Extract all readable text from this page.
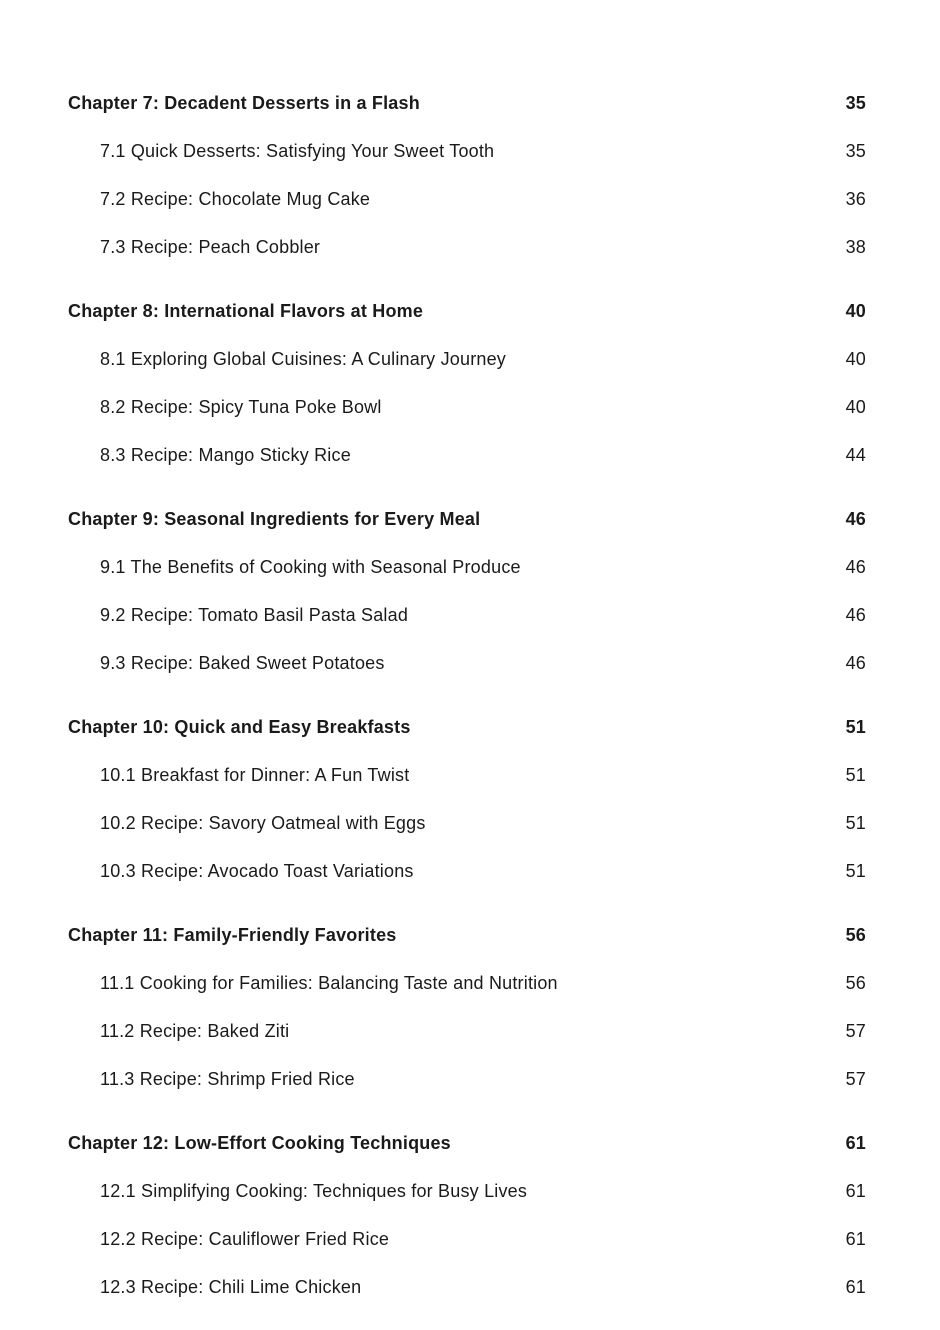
Chapter 7: Decadent Desserts in a Flash	35
7.1 Quick Desserts: Satisfying Your Sweet Tooth	35
7.2 Recipe: Chocolate Mug Cake	36
7.3 Recipe: Peach Cobbler	38
Chapter 8: International Flavors at Home	40
8.1 Exploring Global Cuisines: A Culinary Journey	40
8.2 Recipe: Spicy Tuna Poke Bowl	40
8.3 Recipe: Mango Sticky Rice	44
Chapter 9: Seasonal Ingredients for Every Meal	46
9.1 The Benefits of Cooking with Seasonal Produce	46
9.2 Recipe: Tomato Basil Pasta Salad	46
9.3 Recipe: Baked Sweet Potatoes	46
Chapter 10: Quick and Easy Breakfasts	51
10.1 Breakfast for Dinner: A Fun Twist	51
10.2 Recipe: Savory Oatmeal with Eggs	51
10.3 Recipe: Avocado Toast Variations	51
Chapter 11: Family-Friendly Favorites	56
11.1 Cooking for Families: Balancing Taste and Nutrition	56
11.2 Recipe: Baked Ziti	57
11.3 Recipe: Shrimp Fried Rice	57
Chapter 12: Low-Effort Cooking Techniques	61
12.1 Simplifying Cooking: Techniques for Busy Lives	61
12.2 Recipe: Cauliflower Fried Rice	61
12.3 Recipe: Chili Lime Chicken	61
